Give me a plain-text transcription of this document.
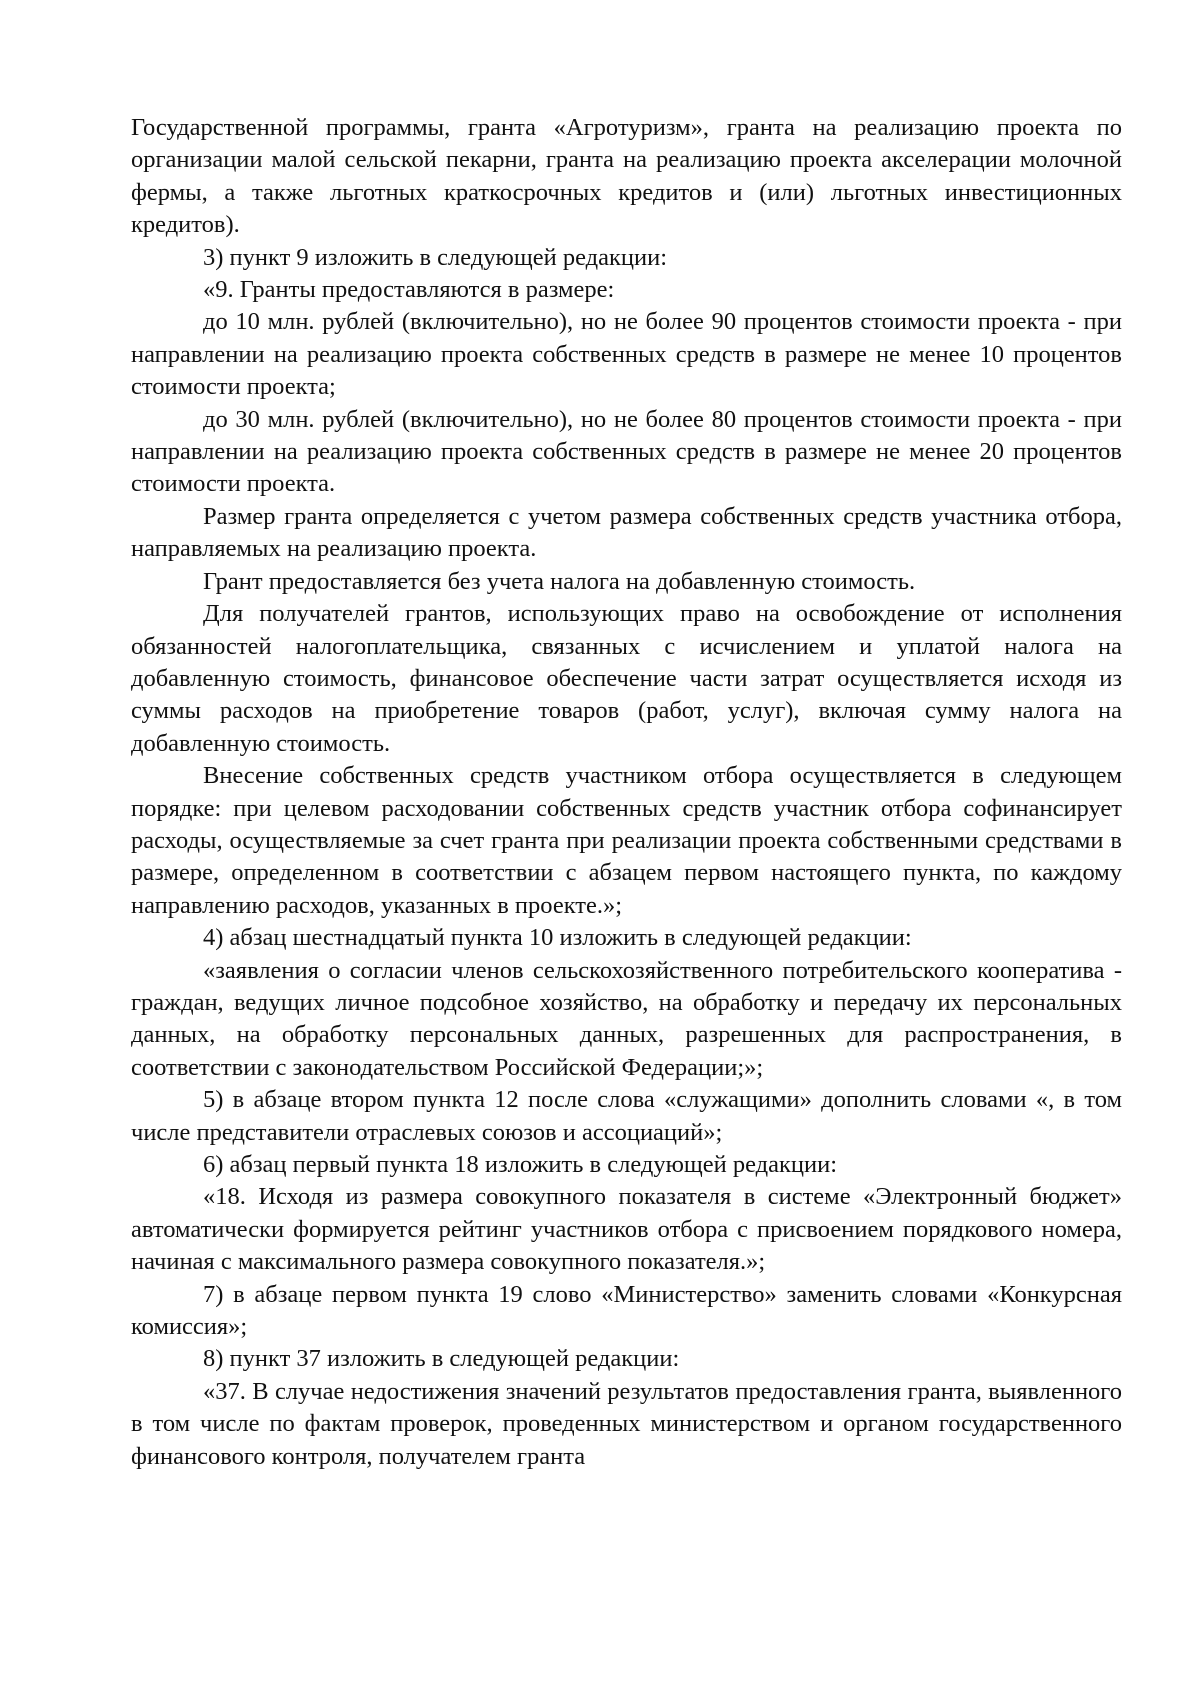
Государственной программы, гранта «Агротуризм», гранта на реализацию проекта по организации малой сельской пекарни, гранта на реализацию проекта акселерации молочной фермы, а также льготных краткосрочных кредитов и (или) льготных инвестиционных кредитов).

3) пункт 9 изложить в следующей редакции:

«9. Гранты предоставляются в размере:

до 10 млн. рублей (включительно), но не более 90 процентов стоимости проекта - при направлении на реализацию проекта собственных средств в размере не менее 10 процентов стоимости проекта;

до 30 млн. рублей (включительно), но не более 80 процентов стоимости проекта - при направлении на реализацию проекта собственных средств в размере не менее 20 процентов стоимости проекта.

Размер гранта определяется с учетом размера собственных средств участника отбора, направляемых на реализацию проекта.

Грант предоставляется без учета налога на добавленную стоимость.

Для получателей грантов, использующих право на освобождение от исполнения обязанностей налогоплательщика, связанных с исчислением и уплатой налога на добавленную стоимость, финансовое обеспечение части затрат осуществляется исходя из суммы расходов на приобретение товаров (работ, услуг), включая сумму налога на добавленную стоимость.

Внесение собственных средств участником отбора осуществляется в следующем порядке: при целевом расходовании собственных средств участник отбора софинансирует расходы, осуществляемые за счет гранта при реализации проекта собственными средствами в размере, определенном в соответствии с абзацем первом настоящего пункта, по каждому направлению расходов, указанных в проекте.»;

4) абзац шестнадцатый пункта 10 изложить в следующей редакции:

«заявления о согласии членов сельскохозяйственного потребительского кооператива - граждан, ведущих личное подсобное хозяйство, на обработку и передачу их персональных данных, на обработку персональных данных, разрешенных для распространения, в соответствии с законодательством Российской Федерации;»;

5) в абзаце втором пункта 12 после слова «служащими» дополнить словами «, в том числе представители отраслевых союзов и ассоциаций»;

6) абзац первый пункта 18 изложить в следующей редакции:

«18. Исходя из размера совокупного показателя в системе «Электронный бюджет» автоматически формируется рейтинг участников отбора с присвоением порядкового номера, начиная с максимального размера совокупного показателя.»;

7) в абзаце первом пункта 19 слово «Министерство» заменить словами «Конкурсная комиссия»;

8) пункт 37 изложить в следующей редакции:

«37. В случае недостижения значений результатов предоставления гранта, выявленного в том числе по фактам проверок, проведенных министерством и органом государственного финансового контроля, получателем гранта
